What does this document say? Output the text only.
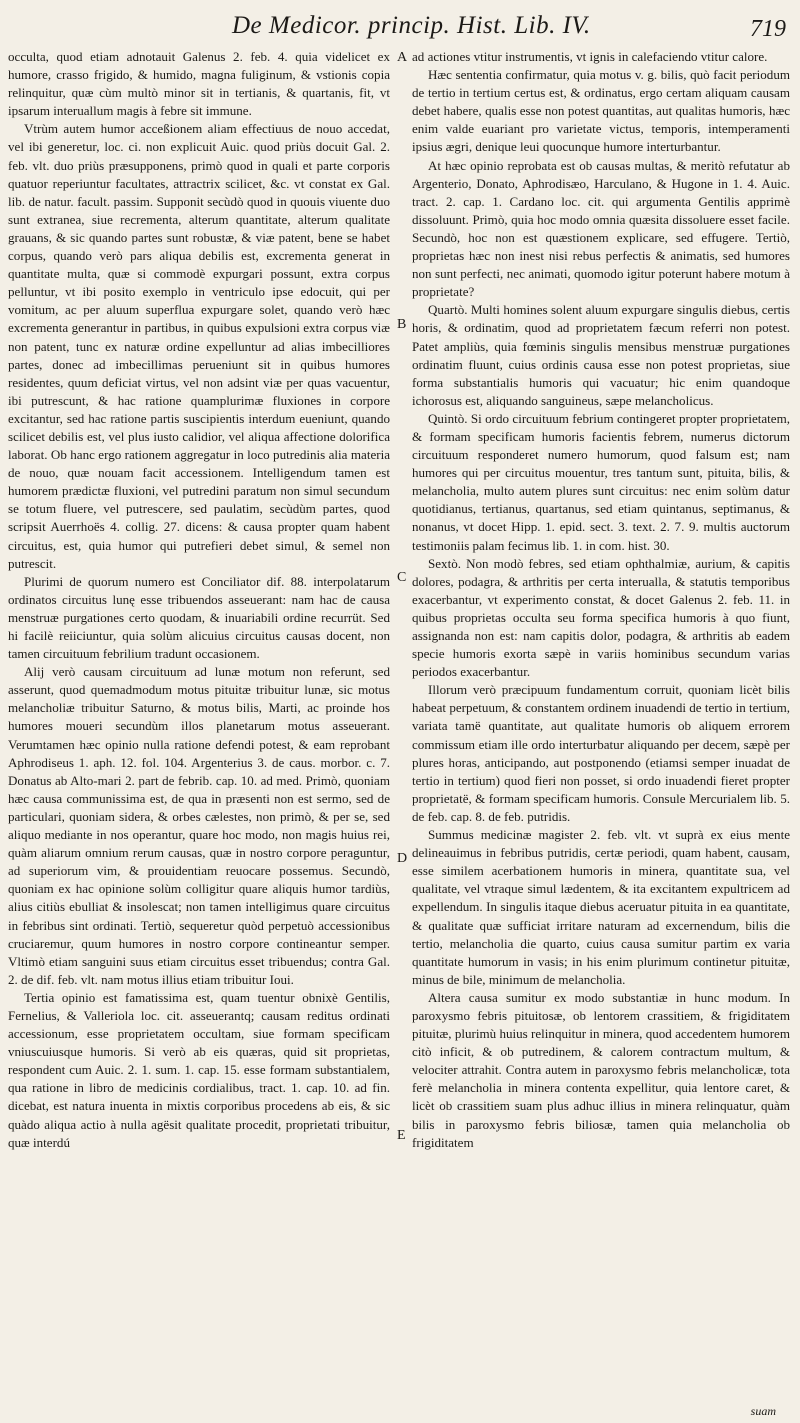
De Medicor. princip. Hist. Lib. IV.	719

occulta, quod etiam adnotauit Galenus 2. feb. 4. quia videlicet ex humore, crasso frigido, & humido, magna fuliginum, & vstionis copia relinquitur, quæ cùm multò minor sit in tertianis, & quartanis, fit, vt ipsarum interuallum magis à febre sit immune.

Vtrùm autem humor acceßionem aliam effectiuus de nouo accedat, vel ibi generetur, loc. ci. non explicuit Auic. quod priùs docuit Gal. 2. feb. vlt. duo priùs præsupponens, primò quod in quali et parte corporis quatuor reperiuntur facultates, attractrix scilicet, &c. vt constat ex Gal. lib. de natur. facult. passim. Supponit secùdò quod in quouis viuente duo sunt extranea, siue recrementa, alterum quantitate, alterum qualitate grauans, & sic quando partes sunt robustæ, & viæ patent, bene se habet corpus, quando verò pars aliqua debilis est, excrementa generat in quantitate multa, quæ si commodè expurgari possunt, extra corpus pelluntur, vt ibi posito exemplo in ventriculo ipse edocuit, qui per vomitum, ac per aluum superflua expurgare solet, quando verò hæc excrementa generantur in partibus, in quibus expulsioni extra corpus viæ non patent, tunc ex naturæ ordine expelluntur ad alias imbecilliores partes, donec ad imbecillimas perueniunt sit in quibus humores residentes, quum deficiat virtus, vel non adsint viæ per quas vacuentur, ibi putrescunt, & hac ratione quamplurimæ fluxiones in corpore excitantur, sed hac ratione partis suscipientis interdum eueniunt, quando scilicet debilis est, vel plus iusto calidior, vel aliqua affectione dolorifica laborat. Ob hanc ergo rationem aggregatur in loco putredinis alia materia de nouo, quæ nouam facit accessionem. Intelligendum tamen est humorem prædictæ fluxioni, vel putredini paratum non simul secundum se totum fluere, vel putrescere, sed paulatim, secùdùm partes, quod scripsit Auerrhoës 4. collig. 27. dicens: & causa propter quam habent circuitus, est, quia humor qui putrefieri debet simul, & semel non putrescit.

Plurimi de quorum numero est Conciliator dif. 88. interpolatarum ordinatos circuitus lunę esse tribuendos asseuerant: nam hac de causa menstruæ purgationes certo quodam, & inuariabili ordine recurrüt. Sed hi facilè reiiciuntur, quia solùm alicuius circuitus causas docent, non tamen circuituum febrilium tradunt occasionem.

Alij verò causam circuituum ad lunæ motum non referunt, sed asserunt, quod quemadmodum motus pituitæ tribuitur lunæ, sic motus melancholiæ tribuitur Saturno, & motus bilis, Marti, ac proinde hos humores moueri secundùm illos planetarum motus asseuerant. Verumtamen hæc opinio nulla ratione defendi potest, & eam reprobant Aphrodiseus 1. aph. 12. fol. 104. Argenterius 3. de caus. morbor. c. 7. Donatus ab Alto-mari 2. part de febrib. cap. 10. ad med. Primò, quoniam hæc causa communissima est, de qua in præsenti non est sermo, sed de particulari, quoniam sidera, & orbes cælestes, non primò, & per se, sed aliquo mediante in nos operantur, quare hoc modo, non magis huius rei, quàm aliarum omnium rerum causas, quæ in nostro corpore peraguntur, ad superiorum vim, & prouidentiam reuocare possemus. Secundò, quoniam ex hac opinione solùm colligitur quare aliquis humor tardiùs, alius citiùs ebulliat & insolescat; non tamen intelligimus quare circuitus in febribus sint ordinati. Tertiò, sequeretur quòd perpetuò accessionibus cruciaremur, quum humores in nostro corpore contineantur semper. Vltimò etiam sanguini suus etiam circuitus esset tribuendus; contra Gal. 2. de dif. feb. vlt. nam motus illius etiam tribuitur Ioui.

Tertia opinio est famatissima est, quam tuentur obnixè Gentilis, Fernelius, & Valleriola loc. cit. asseuerantq; causam reditus ordinati accessionum, esse proprietatem occultam, siue formam specificam vniuscuiusque humoris. Si verò ab eis quæras, quid sit proprietas, respondent cum Auic. 2. 1. sum. 1. cap. 15. esse formam substantialem, qua ratione in libro de medicinis cordialibus, tract. 1. cap. 10. ad fin. dicebat, est natura inuenta in mixtis corporibus procedens ab eis, & sic quàdo aliqua actio à nulla agësit qualitate procedit, proprietati tribuitur, quæ interdú

A
B
C
D
E

ad actiones vtitur instrumentis, vt ignis in calefaciendo vtitur calore.

Hæc sententia confirmatur, quia motus v. g. bilis, quò facit periodum de tertio in tertium certus est, & ordinatus, ergo certam aliquam causam debet habere, qualis esse non potest quantitas, aut qualitas humoris, hæc enim valde euariant pro varietate victus, temporis, intemperamenti ipsius ægri, denique leui quocunque humore interturbantur.

At hæc opinio reprobata est ob causas multas, & meritò refutatur ab Argenterio, Donato, Aphrodisæo, Harculano, & Hugone in 1. 4. Auic. tract. 2. cap. 1. Cardano loc. cit. qui argumenta Gentilis apprimè dissoluunt. Primò, quia hoc modo omnia quæsita dissoluere esset facile. Secundò, hoc non est quæstionem explicare, sed effugere. Tertiò, proprietas hæc non inest nisi rebus perfectis & animatis, sed humores non sunt perfecti, nec animati, quomodo igitur poterunt habere motum à proprietate?

Quartò. Multi homines solent aluum expurgare singulis diebus, certis horis, & ordinatim, quod ad proprietatem fæcum referri non potest. Patet ampliùs, quia fœminis singulis mensibus menstruæ purgationes ordinatim fluunt, cuius ordinis causa esse non potest proprietas, siue forma substantialis humoris qui vacuatur; hic enim quandoque ichorosus est, aliquando sanguineus, sæpe melancholicus.

Quintò. Si ordo circuituum febrium contingeret propter proprietatem, & formam specificam humoris facientis febrem, numerus dictorum circuituum responderet numero humorum, quod falsum est; nam humores qui per circuitus mouentur, tres tantum sunt, pituita, bilis, & melancholia, multo autem plures sunt circuitus: nec enim solùm datur quotidianus, tertianus, quartanus, sed etiam quintanus, septimanus, & nonanus, vt docet Hipp. 1. epid. sect. 3. text. 2. 7. 9. multis auctorum testimoniis palam fecimus lib. 1. in com. hist. 30.

Sextò. Non modò febres, sed etiam ophthalmiæ, aurium, & capitis dolores, podagra, & arthritis per certa interualla, & statutis temporibus exacerbantur, vt experimento constat, & docet Galenus 2. feb. 11. in quibus proprietas occulta seu forma specifica humoris à quo fiunt, assignanda non est: nam capitis dolor, podagra, & arthritis ab eadem specie humoris exorta sæpè in variis hominibus secundum varias periodos exacerbantur.

Illorum verò præcipuum fundamentum corruit, quoniam licèt bilis habeat perpetuum, & constantem ordinem inuadendi de tertio in tertium, variata tamë quantitate, aut qualitate humoris ob aliquem errorem commissum etiam ille ordo interturbatur aliquando per decem, sæpè per plures horas, anticipando, aut postponendo (etiamsi semper inuadat de tertio in tertium) quod fieri non posset, si ordo inuadendi fieret propter proprietatë, & formam specificam humoris. Consule Mercurialem lib. 5. de feb. cap. 8. de feb. putridis.

Summus medicinæ magister 2. feb. vlt. vt suprà ex eius mente delineauimus in febribus putridis, certæ periodi, quam habent, causam, esse similem acerbationem humoris in minera, quantitate sua, vel qualitate, vel vtraque simul lædentem, & ita excitantem expultricem ad expellendum. In singulis itaque diebus aceruatur pituita in ea quantitate, & qualitate quæ sufficiat irritare naturam ad excernendum, bilis die tertio, melancholia die quarto, cuius causa sumitur partim ex varia quantitate humorum in vasis; in his enim plurimum continetur pituitæ, minus de bile, minimum de melancholia.

Altera causa sumitur ex modo substantiæ in hunc modum. In paroxysmo febris pituitosæ, ob lentorem crassitiem, & frigiditatem pituitæ, plurimù huius relinquitur in minera, quod accedentem humorem citò inficit, & ob putredinem, & calorem contractum multum, & velociter attrahit. Contra autem in paroxysmo febris melancholicæ, tota ferè melancholia in minera contenta expellitur, quia lentore caret, & licèt ob crassitiem suam plus adhuc illius in minera relinquatur, quàm bilis in paroxysmo febris biliosæ, tamen quia melancholia ob frigiditatem

suam
